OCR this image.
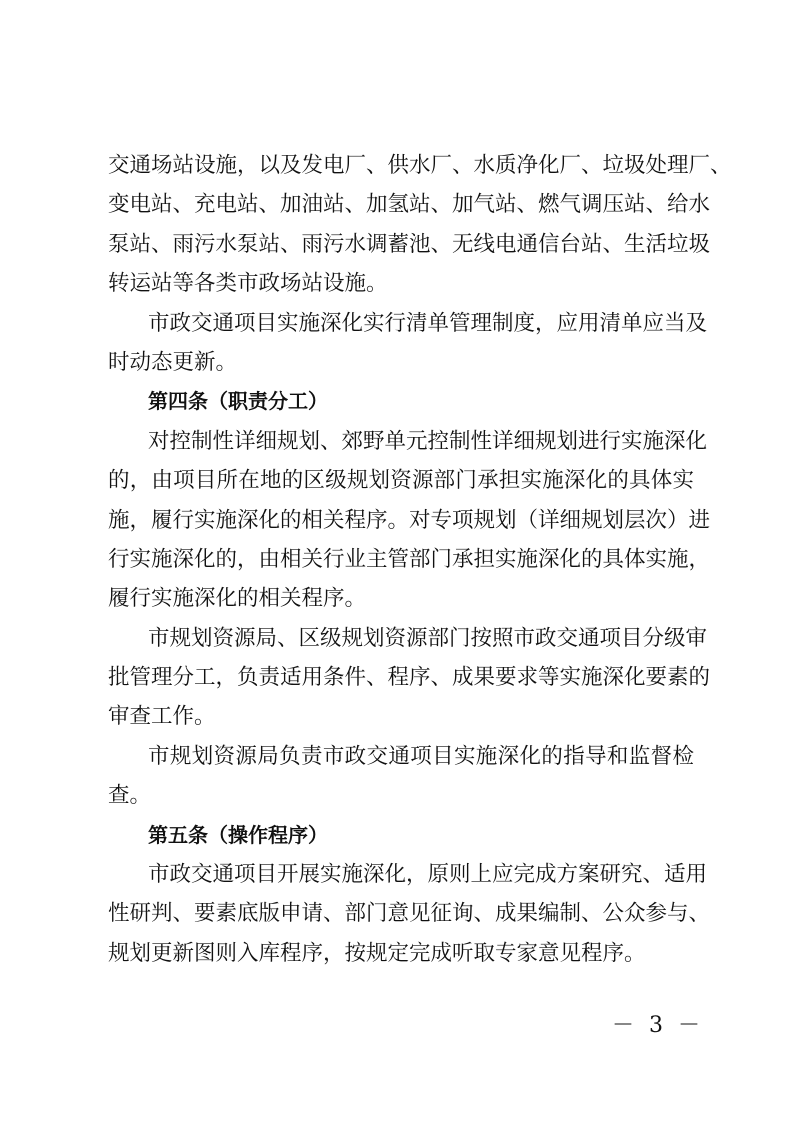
交通场站设施，以及发电厂、供水厂、水质净化厂、垃圾处理厂、
变电站、充电站、加油站、加氢站、加气站、燃气调压站、给水
泵站、雨污水泵站、雨污水调蓄池、无线电通信台站、生活垃圾
转运站等各类市政场站设施。
市政交通项目实施深化实行清单管理制度，应用清单应当及
时动态更新。
第四条（职责分工）
对控制性详细规划、郊野单元控制性详细规划进行实施深化
的，由项目所在地的区级规划资源部门承担实施深化的具体实
施，履行实施深化的相关程序。对专项规划（详细规划层次）进
行实施深化的，由相关行业主管部门承担实施深化的具体实施，
履行实施深化的相关程序。
市规划资源局、区级规划资源部门按照市政交通项目分级审
批管理分工，负责适用条件、程序、成果要求等实施深化要素的
审查工作。
市规划资源局负责市政交通项目实施深化的指导和监督检
查。
第五条（操作程序）
市政交通项目开展实施深化，原则上应完成方案研究、适用
性研判、要素底版申请、部门意见征询、成果编制、公众参与、
规划更新图则入库程序，按规定完成听取专家意见程序。
－ 3 －
